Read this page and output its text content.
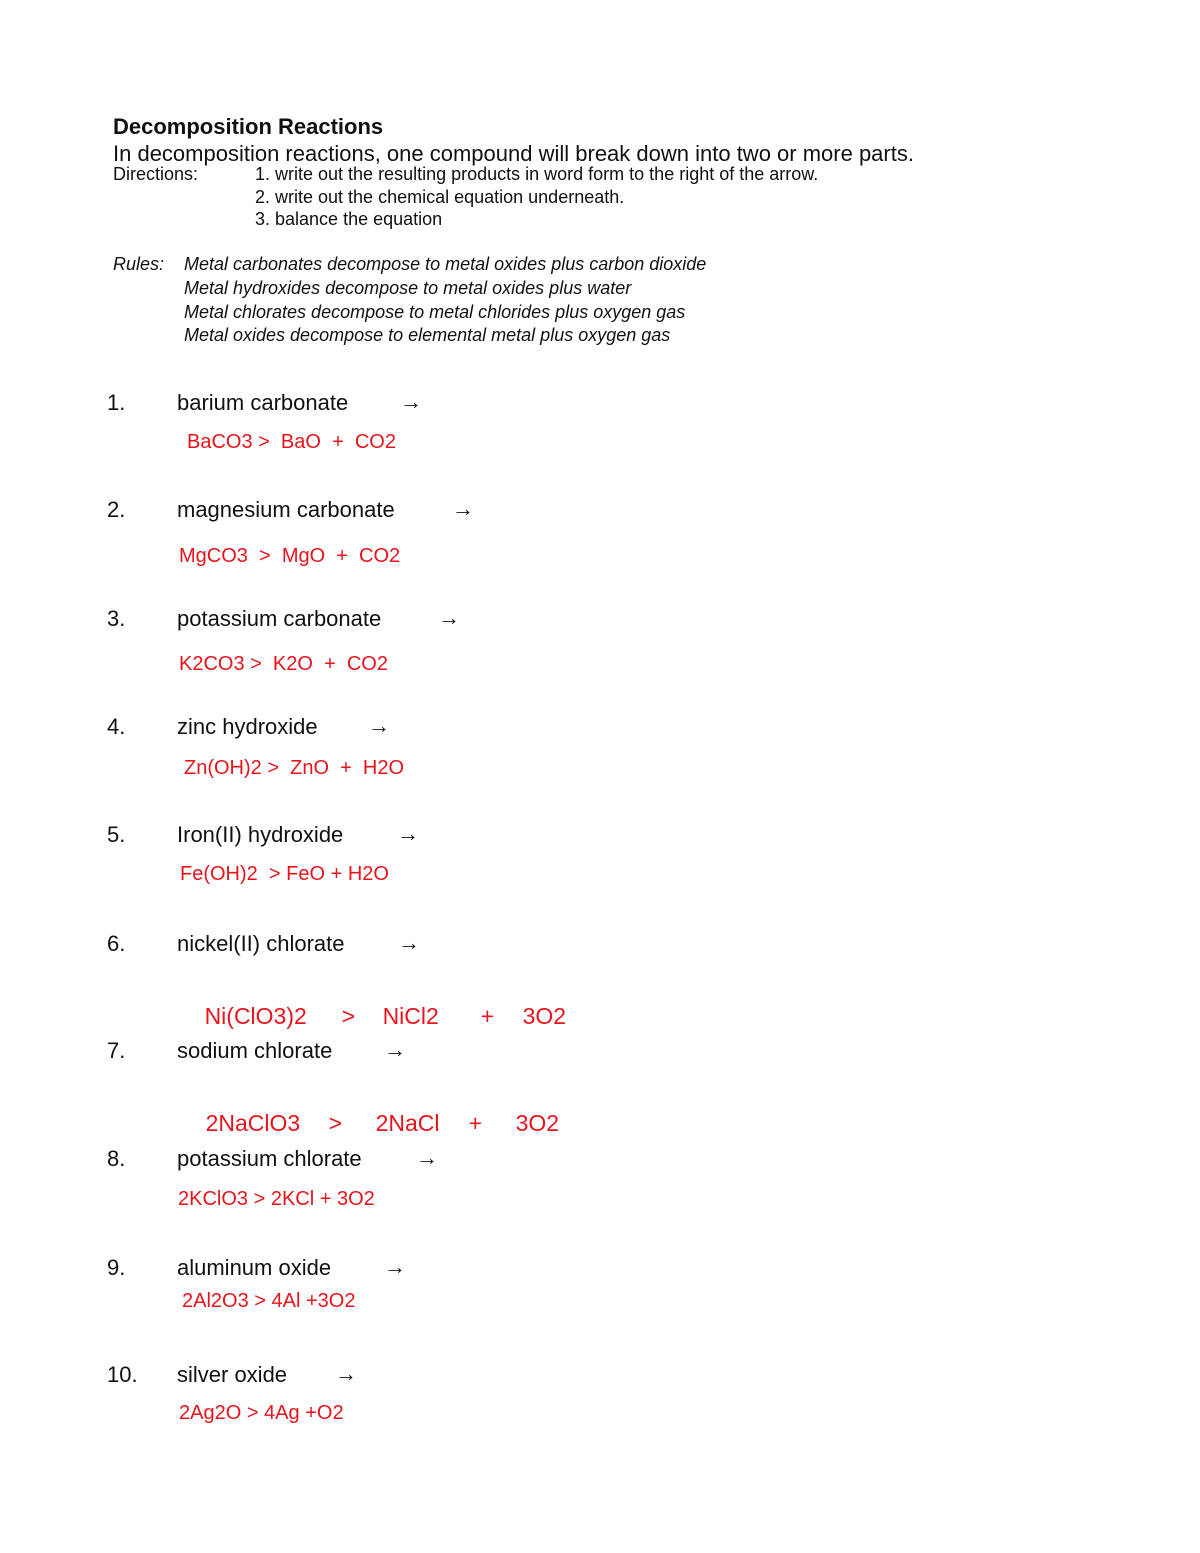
Decomposition Reactions
In decomposition reactions, one compound will break down into two or more parts.
Directions:	1. write out the resulting products in word form to the right of the arrow.
2. write out the chemical equation underneath.
3. balance the equation
Rules: Metal carbonates decompose to metal oxides plus carbon dioxide
Metal hydroxides decompose to metal oxides plus water
Metal chlorates decompose to metal chlorides plus oxygen gas
Metal oxides decompose to elemental metal plus oxygen gas
1. barium carbonate →
BaCO3 >  BaO  +  CO2
2. magnesium carbonate	→
MgCO3  >  MgO  +  CO2
3. potassium carbonate	→
K2CO3 >  K2O  +  CO2
4. zinc hydroxide →
Zn(OH)2 >  ZnO  +  H2O
5. Iron(II) hydroxide →
Fe(OH)2  > FeO + H2O
6. nickel(II) chlorate →

Ni(ClO3)2 > NiCl2 + 3O2

7. sodium chlorate →

2NaClO3 > 2NaCl + 3O2

8. potassium chlorate →
2KClO3 > 2KCl + 3O2
9. aluminum oxide →
2Al2O3 > 4Al +3O2
10. silver oxide →
2Ag2O > 4Ag +O2
